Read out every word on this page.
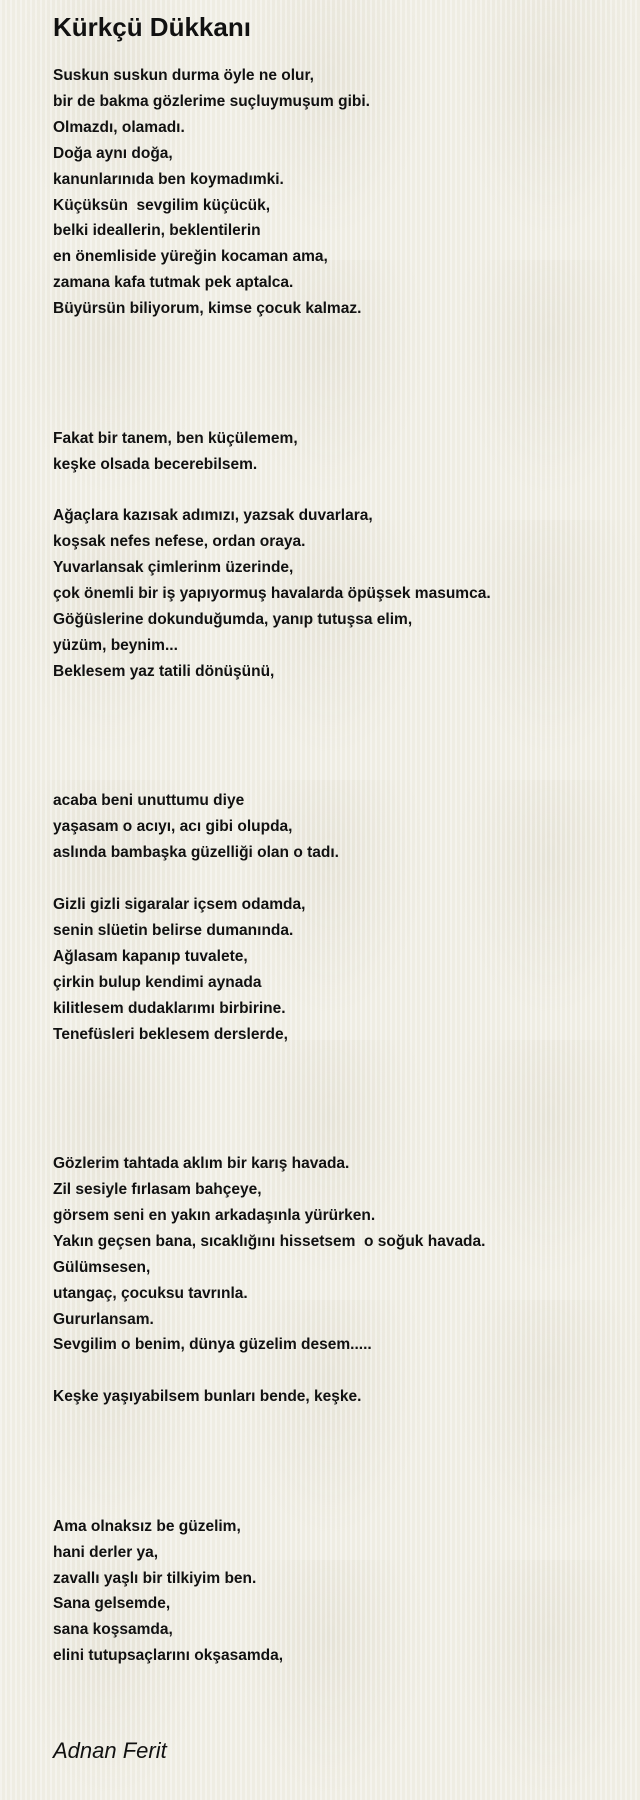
Kürkçü Dükkanı
Suskun suskun durma öyle ne olur,
bir de bakma gözlerime suçluymuşum gibi.
Olmazdı, olamadı.
Doğa aynı doğa,
kanunlarınıda ben koymadımki.
Küçüksün  sevgilim küçücük,
belki ideallerin, beklentilerin
en önemliside yüreğin kocaman ama,
zamana kafa tutmak pek aptalca.
Büyürsün biliyorum, kimse çocuk kalmaz.

Fakat bir tanem, ben küçülemem,
keşke olsada becerebilsem.

Ağaçlara kazısak adımızı, yazsak duvarlara,
koşsak nefes nefese, ordan oraya.
Yuvarlansak çimlerinm üzerinde,
çok önemli bir iş yapıyormuş havalarda öpüşsek masumca.
Göğüslerine dokunduğumda, yanıp tutuşsa elim,
yüzüm, beynim...
Beklesem yaz tatili dönüşünü,

acaba beni unuttumu diye
yaşasam o acıyı, acı gibi olupda,
aslında bambaşka güzelliği olan o tadı.

Gizli gizli sigaralar içsem odamda,
senin slüetin belirse dumanında.
Ağlasam kapanıp tuvalete,
çirkin bulup kendimi aynada
kilitlesem dudaklarımı birbirine.
Tenefüsleri beklesem derslerde,

Gözlerim tahtada aklım bir karış havada.
Zil sesiyle fırlasam bahçeye,
görsem seni en yakın arkadaşınla yürürken.
Yakın geçsen bana, sıcaklığını hissetsem  o soğuk havada.
Gülümsesen,
utangaç, çocuksu tavrınla.
Gururlansam.
Sevgilim o benim, dünya güzelim desem.....

Keşke yaşıyabilsem bunları bende, keşke.

Ama olnaksız be güzelim,
hani derler ya,
zavallı yaşlı bir tilkiyim ben.
Sana gelsemde,
sana koşsamda,
elini tutupsaçlarını okşasamda,
Adnan Ferit
